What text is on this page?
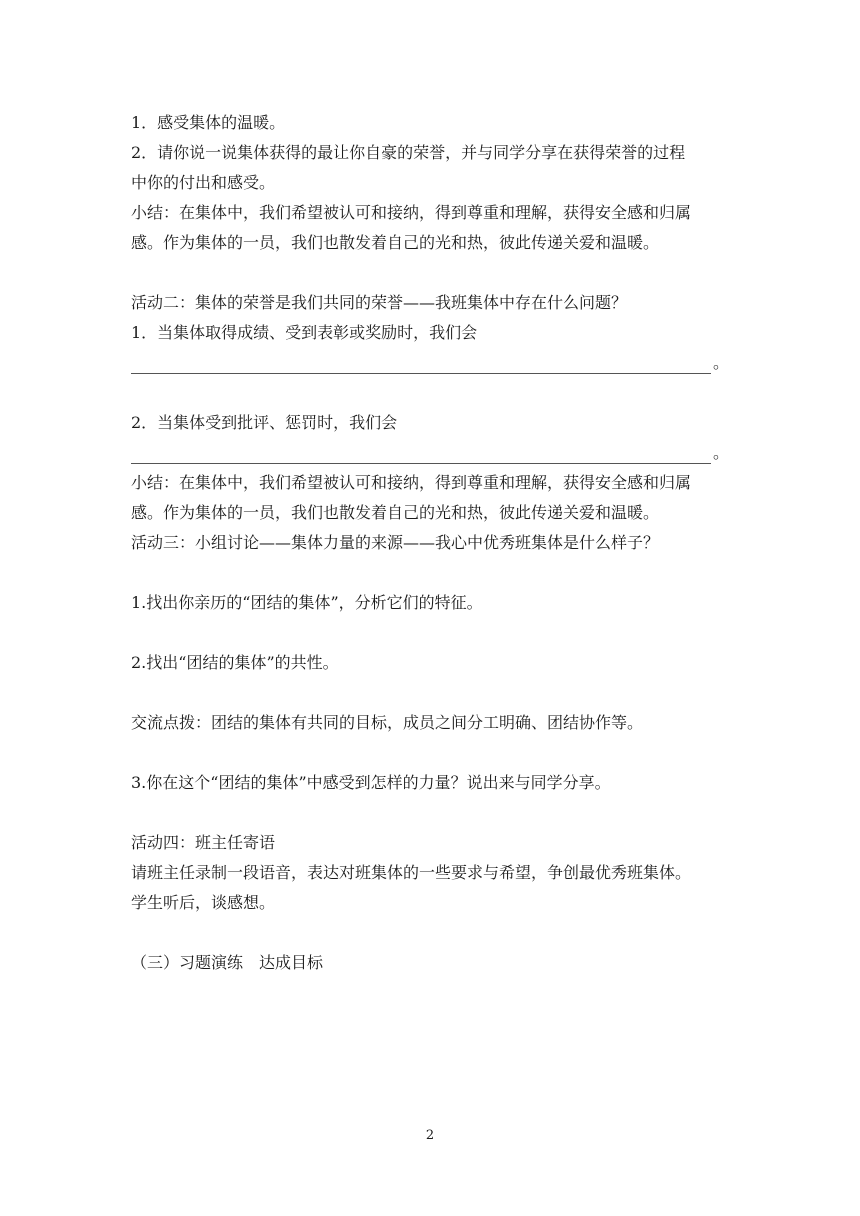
1．感受集体的温暖。

2．请你说一说集体获得的最让你自豪的荣誉，并与同学分享在获得荣誉的过程

中你的付出和感受。

小结：在集体中，我们希望被认可和接纳，得到尊重和理解，获得安全感和归属

感。作为集体的一员，我们也散发着自己的光和热，彼此传递关爱和温暖。

活动二：集体的荣誉是我们共同的荣誉——我班集体中存在什么问题？

1．当集体取得成绩、受到表彰或奖励时，我们会

。

2．当集体受到批评、惩罚时，我们会

。

小结：在集体中，我们希望被认可和接纳，得到尊重和理解，获得安全感和归属

感。作为集体的一员，我们也散发着自己的光和热，彼此传递关爱和温暖。

活动三：小组讨论——集体力量的来源——我心中优秀班集体是什么样子？

1.找出你亲历的“团结的集体”，分析它们的特征。

2.找出“团结的集体”的共性。

交流点拨：团结的集体有共同的目标，成员之间分工明确、团结协作等。

3.你在这个“团结的集体”中感受到怎样的力量？说出来与同学分享。

活动四：班主任寄语

请班主任录制一段语音，表达对班集体的一些要求与希望，争创最优秀班集体。

学生听后，谈感想。

（三）习题演练　达成目标

2
